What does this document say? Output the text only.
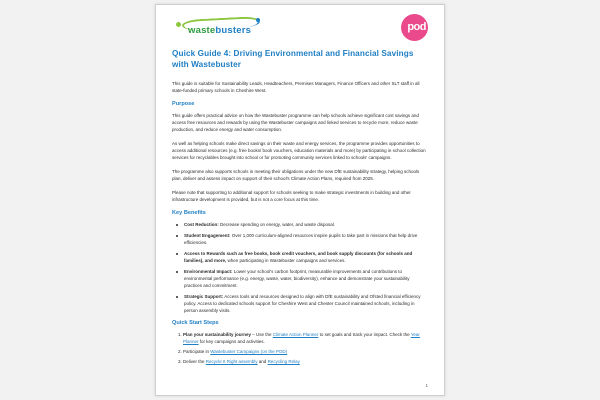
wastebusters	pod
Quick Guide 4: Driving Environmental and Financial Savings with Wastebuster

This guide is suitable for Sustainability Leads, Headteachers, Premises Managers, Finance Officers and other SLT staff in all state-funded primary schools in Cheshire West.

Purpose

This guide offers practical advice on how the Wastebuster programme can help schools achieve significant cost savings and access free resources and rewards by using the Wastebuster campaigns and linked services to recycle more, reduce waste production, and reduce energy and water consumption.

As well as helping schools make direct savings on their waste and energy services, the programme provides opportunities to access additional resources (e.g. free books/ book vouchers, education materials and more) by participating in school collection services for recyclables brought into school or for promoting community services linked to schools' campaigns.

The programme also supports schools in meeting their obligations under the new DfE sustainability strategy, helping schools plan, deliver and assess impact on support of their school's Climate Action Plans, required from 2025.

Please note that supporting to additional support for schools seeking to make strategic investments in building and other infrastructure development is provided, but is not a core focus at this time.

Key Benefits
Cost Reduction: Decrease spending on energy, water, and waste disposal.
Student Engagement: Over 1,000 curriculum-aligned resources inspire pupils to take part in missions that help drive efficiencies.
Access to Rewards such as free books, book credit vouchers, and book supply discounts (for schools and families), and more, when participating in Wastebuster campaigns and services.
Environmental Impact: Lower your school's carbon footprint, measurable improvements and contributions to environmental performance (e.g. energy, waste, water, biodiversity), enhance and demonstrate your sustainability practices and commitment.
Strategic Support: Access tools and resources designed to align with DfE sustainability and Ofsted financial efficiency policy. Access to dedicated schools support for Cheshire West and Chester Council maintained schools, including in person assembly visits.
Quick Start Steps
1. Plan your sustainability journey – Use the Climate Action Planner to set goals and track your impact. Check the Year Planner for key campaigns and activities.
2. Participate in Wastebuster Campaigns (on the POD)
3. Deliver the Recycle It Right assembly and Recycling Relay
1
